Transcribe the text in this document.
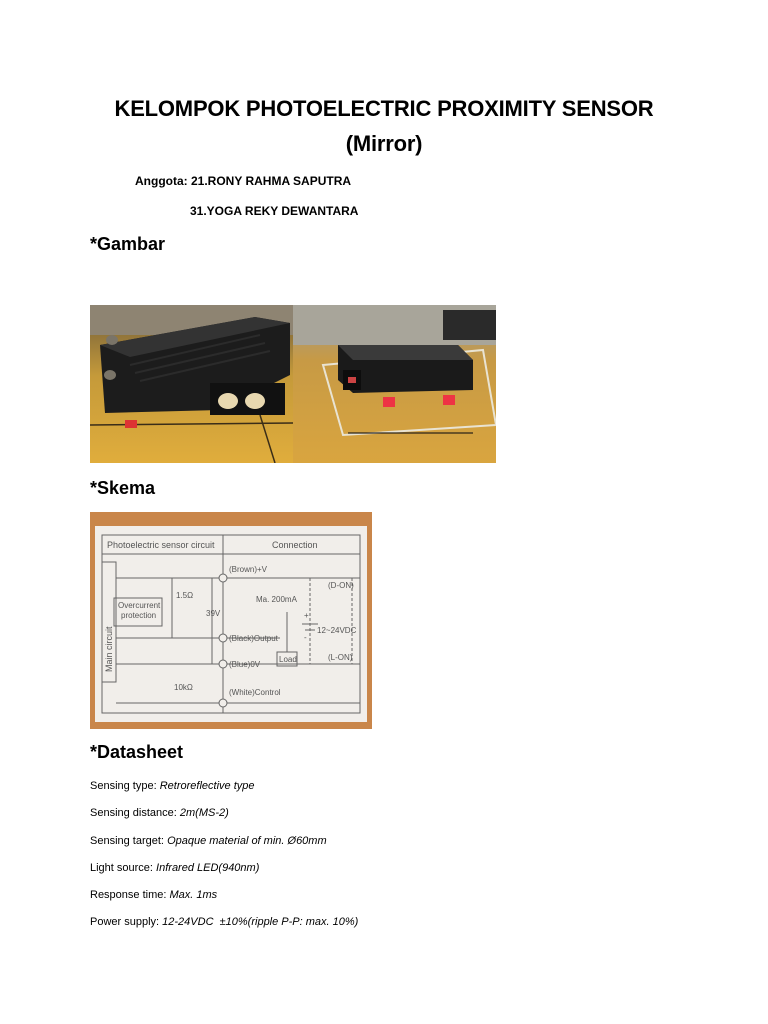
KELOMPOK PHOTOELECTRIC PROXIMITY SENSOR
(Mirror)
Anggota: 21.RONY RAHMA SAPUTRA
31.YOGA REKY DEWANTARA
*Gambar
*Skema
Photoelectric sensor circuit	Connection
Main circuit
Overcurrent
protection
1.5Ω
39V
10kΩ
(Brown)+V
(Black)Output
(Blue)0V
(White)Control
Ma. 200mA
12~24VDC
Load
(D-ON)
(L-ON)
+
-
*Datasheet
Sensing type: Retroreflective type
Sensing distance: 2m(MS-2)
Sensing target: Opaque material of min. Ø60mm
Light source: Infrared LED(940nm)
Response time: Max. 1ms
Power supply: 12-24VDC  ±10%(ripple P-P: max. 10%)
